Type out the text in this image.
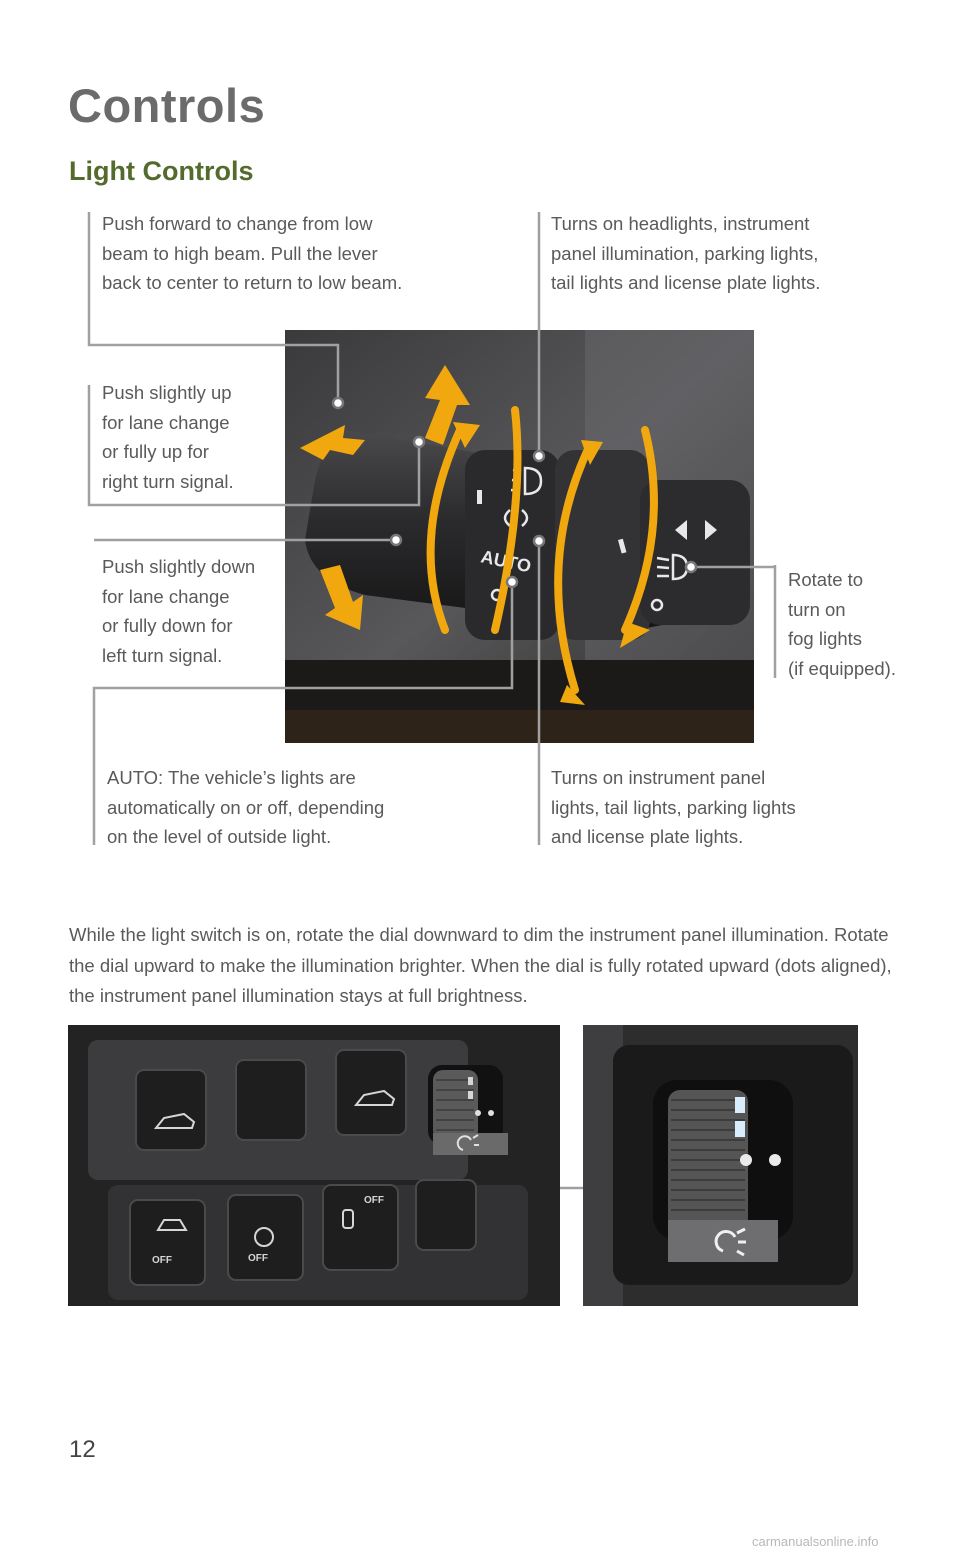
Controls
Light Controls
Push forward to change from low
beam to high beam. Pull the lever
back to center to return to low beam.
Turns on headlights, instrument
panel illumination, parking lights,
tail lights and license plate lights.
Push slightly up
for lane change
or fully up for
right turn signal.
Push slightly down
for lane change
or fully down for
left turn signal.
Rotate to
turn on
fog lights
(if equipped).
AUTO: The vehicle’s lights are
automatically on or off, depending
on the level of outside light.
Turns on instrument panel
lights, tail lights, parking lights
and license plate lights.
AUTO
While the light switch is on, rotate the dial downward to dim the instrument panel illumination. Rotate the dial upward to make the illumination brighter. When the dial is fully rotated upward (dots aligned), the instrument panel illumination stays at full brightness.
OFF	OFF
OFF
12
carmanualsonline.info
